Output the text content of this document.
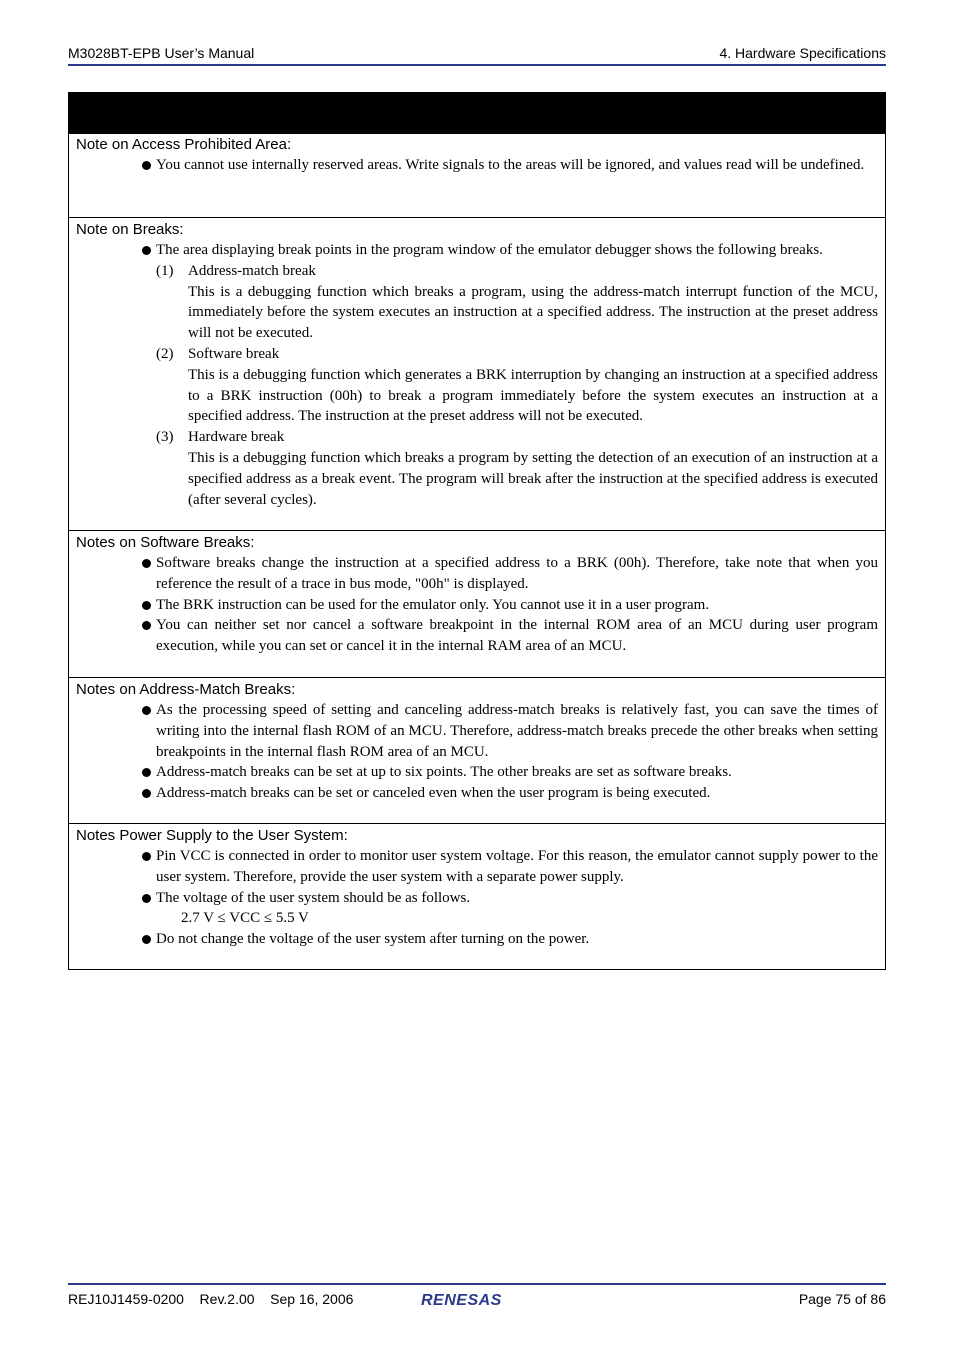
M3028BT-EPB User’s Manual	4. Hardware Specifications
Note on Access Prohibited Area:
You cannot use internally reserved areas. Write signals to the areas will be ignored, and values read will be undefined.
Note on Breaks:
The area displaying break points in the program window of the emulator debugger shows the following breaks.
(1) Address-match break
This is a debugging function which breaks a program, using the address-match interrupt function of the MCU, immediately before the system executes an instruction at a specified address. The instruction at the preset address will not be executed.
(2) Software break
This is a debugging function which generates a BRK interruption by changing an instruction at a specified address to a BRK instruction (00h) to break a program immediately before the system executes an instruction at a specified address. The instruction at the preset address will not be executed.
(3) Hardware break
This is a debugging function which breaks a program by setting the detection of an execution of an instruction at a specified address as a break event. The program will break after the instruction at the specified address is executed (after several cycles).
Notes on Software Breaks:
Software breaks change the instruction at a specified address to a BRK (00h). Therefore, take note that when you reference the result of a trace in bus mode, "00h" is displayed.
The BRK instruction can be used for the emulator only. You cannot use it in a user program.
You can neither set nor cancel a software breakpoint in the internal ROM area of an MCU during user program execution, while you can set or cancel it in the internal RAM area of an MCU.
Notes on Address-Match Breaks:
As the processing speed of setting and canceling address-match breaks is relatively fast, you can save the times of writing into the internal flash ROM of an MCU. Therefore, address-match breaks precede the other breaks when setting breakpoints in the internal flash ROM area of an MCU.
Address-match breaks can be set at up to six points. The other breaks are set as software breaks.
Address-match breaks can be set or canceled even when the user program is being executed.
Notes Power Supply to the User System:
Pin VCC is connected in order to monitor user system voltage. For this reason, the emulator cannot supply power to the user system. Therefore, provide the user system with a separate power supply.
The voltage of the user system should be as follows.
2.7 V ≤ VCC ≤ 5.5 V
Do not change the voltage of the user system after turning on the power.
REJ10J1459-0200 Rev.2.00 Sep 16, 2006	RENESAS	Page 75 of 86
